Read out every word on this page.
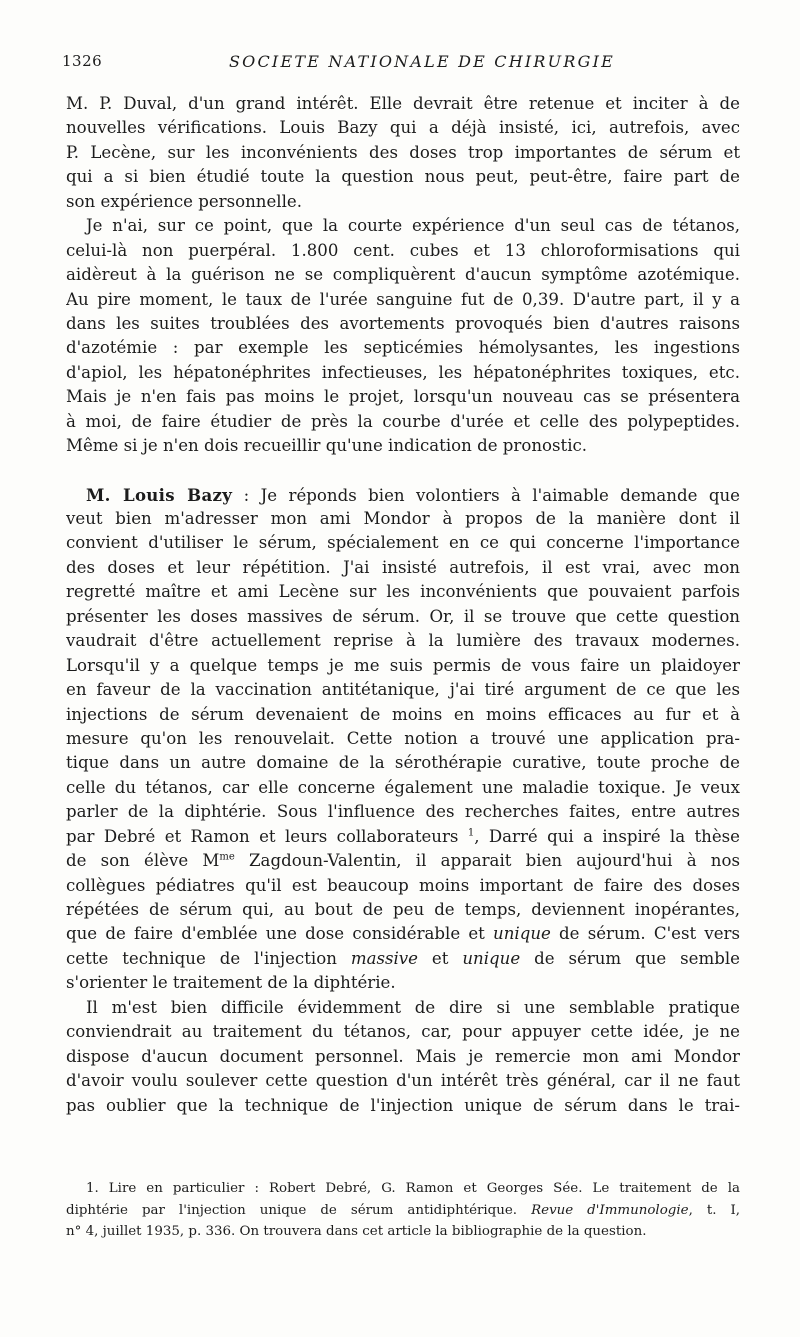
1326	SOCIETE NATIONALE DE CHIRURGIE
M. P. Duval, d'un grand intérêt. Elle devrait être retenue et inciter à de
nouvelles vérifications. Louis Bazy qui a déjà insisté, ici, autrefois, avec
P. Lecène, sur les inconvénients des doses trop importantes de sérum et
qui a si bien étudié toute la question nous peut, peut-être, faire part de
son expérience personnelle.
Je n'ai, sur ce point, que la courte expérience d'un seul cas de tétanos,
celui-là non puerpéral. 1.800 cent. cubes et 13 chloroformisations qui
aidèreut à la guérison ne se compliquèrent d'aucun symptôme azotémique.
Au pire moment, le taux de l'urée sanguine fut de 0,39. D'autre part, il y a
dans les suites troublées des avortements provoqués bien d'autres raisons
d'azotémie : par exemple les septicémies hémolysantes, les ingestions
d'apiol, les hépatonéphrites infectieuses, les hépatonéphrites toxiques, etc.
Mais je n'en fais pas moins le projet, lorsqu'un nouveau cas se présentera
à moi, de faire étudier de près la courbe d'urée et celle des polypeptides.
Même si je n'en dois recueillir qu'une indication de pronostic.
M. Louis Bazy : Je réponds bien volontiers à l'aimable demande que
veut bien m'adresser mon ami Mondor à propos de la manière dont il
convient d'utiliser le sérum, spécialement en ce qui concerne l'importance
des doses et leur répétition. J'ai insisté autrefois, il est vrai, avec mon
regretté maître et ami Lecène sur les inconvénients que pouvaient parfois
présenter les doses massives de sérum. Or, il se trouve que cette question
vaudrait d'être actuellement reprise à la lumière des travaux modernes.
Lorsqu'il y a quelque temps je me suis permis de vous faire un plaidoyer
en faveur de la vaccination antitétanique, j'ai tiré argument de ce que les
injections de sérum devenaient de moins en moins efficaces au fur et à
mesure qu'on les renouvelait. Cette notion a trouvé une application pra-
tique dans un autre domaine de la sérothérapie curative, toute proche de
celle du tétanos, car elle concerne également une maladie toxique. Je veux
parler de la diphtérie. Sous l'influence des recherches faites, entre autres
par Debré et Ramon et leurs collaborateurs $^1$, Darré qui a inspiré la thèse
de son élève $M^{me}$ Zagdoun-Valentin, il apparait bien aujourd'hui à nos
collègues pédiatres qu'il est beaucoup moins important de faire des doses
répétées de sérum qui, au bout de peu de temps, deviennent inopérantes,
que de faire d'emblée une dose considérable et unique de sérum. C'est vers
cette technique de l'injection massive et unique de sérum que semble
s'orienter le traitement de la diphtérie.
Il m'est bien difficile évidemment de dire si une semblable pratique
conviendrait au traitement du tétanos, car, pour appuyer cette idée, je ne
dispose d'aucun document personnel. Mais je remercie mon ami Mondor
d'avoir voulu soulever cette question d'un intérêt très général, car il ne faut
pas oublier que la technique de l'injection unique de sérum dans le trai-
1. Lire en particulier : Robert Debré, G. Ramon et Georges Sée. Le traitement de la
diphtérie par l'injection unique de sérum antidiphtérique. Revue d'Immunologie, t. I,
n° 4, juillet 1935, p. 336. On trouvera dans cet article la bibliographie de la question.
